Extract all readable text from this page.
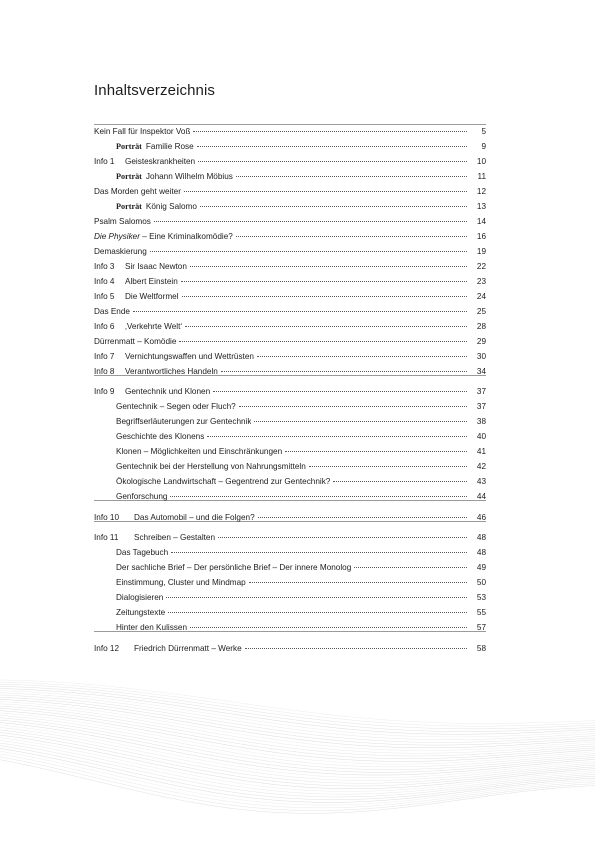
Inhaltsverzeichnis
Kein Fall für Inspektor Voß	5
Porträt Familie Rose	9
Info 1	Geisteskrankheiten	10
Porträt Johann Wilhelm Möbius	11
Das Morden geht weiter	12
Porträt König Salomo	13
Psalm Salomos	14
Die Physiker – Eine Kriminalkomödie?	16
Demaskierung	19
Info 3	Sir Isaac Newton	22
Info 4	Albert Einstein	23
Info 5	Die Weltformel	24
Das Ende	25
Info 6	‚Verkehrte Welt‘	28
Dürrenmatt – Komödie	29
Info 7	Vernichtungswaffen und Wettrüsten	30
Info 8	Verantwortliches Handeln	34
Info 9	Gentechnik und Klonen	37
Gentechnik – Segen oder Fluch?	37
Begriffserläuterungen zur Gentechnik	38
Geschichte des Klonens	40
Klonen – Möglichkeiten und Einschränkungen	41
Gentechnik bei der Herstellung von Nahrungsmitteln	42
Ökologische Landwirtschaft – Gegentrend zur Gentechnik?	43
Genforschung	44
Info 10	Das Automobil – und die Folgen?	46
Info 11	Schreiben – Gestalten	48
Das Tagebuch	48
Der sachliche Brief – Der persönliche Brief – Der innere Monolog	49
Einstimmung, Cluster und Mindmap	50
Dialogisieren	53
Zeitungstexte	55
Hinter den Kulissen	57
Info 12	Friedrich Dürrenmatt – Werke	58
